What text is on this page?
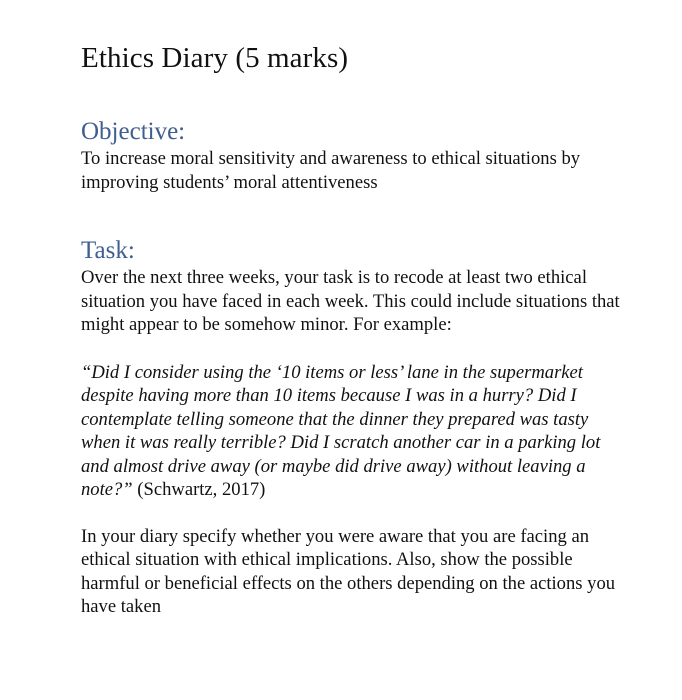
Ethics Diary (5 marks)
Objective:

To increase moral sensitivity and awareness to ethical situations by improving students’ moral attentiveness

Task:

Over the next three weeks, your task is to recode at least two ethical situation you have faced in each week. This could include situations that might appear to be somehow minor. For example:

“Did I consider using the ‘10 items or less’ lane in the supermarket despite having more than 10 items because I was in a hurry? Did I contemplate telling someone that the dinner they prepared was tasty when it was really terrible? Did I scratch another car in a parking lot and almost drive away (or maybe did drive away) without leaving a note?” (Schwartz, 2017)

In your diary specify whether you were aware that you are facing an ethical situation with ethical implications. Also, show the possible harmful or beneficial effects on the others depending on the actions you have taken
